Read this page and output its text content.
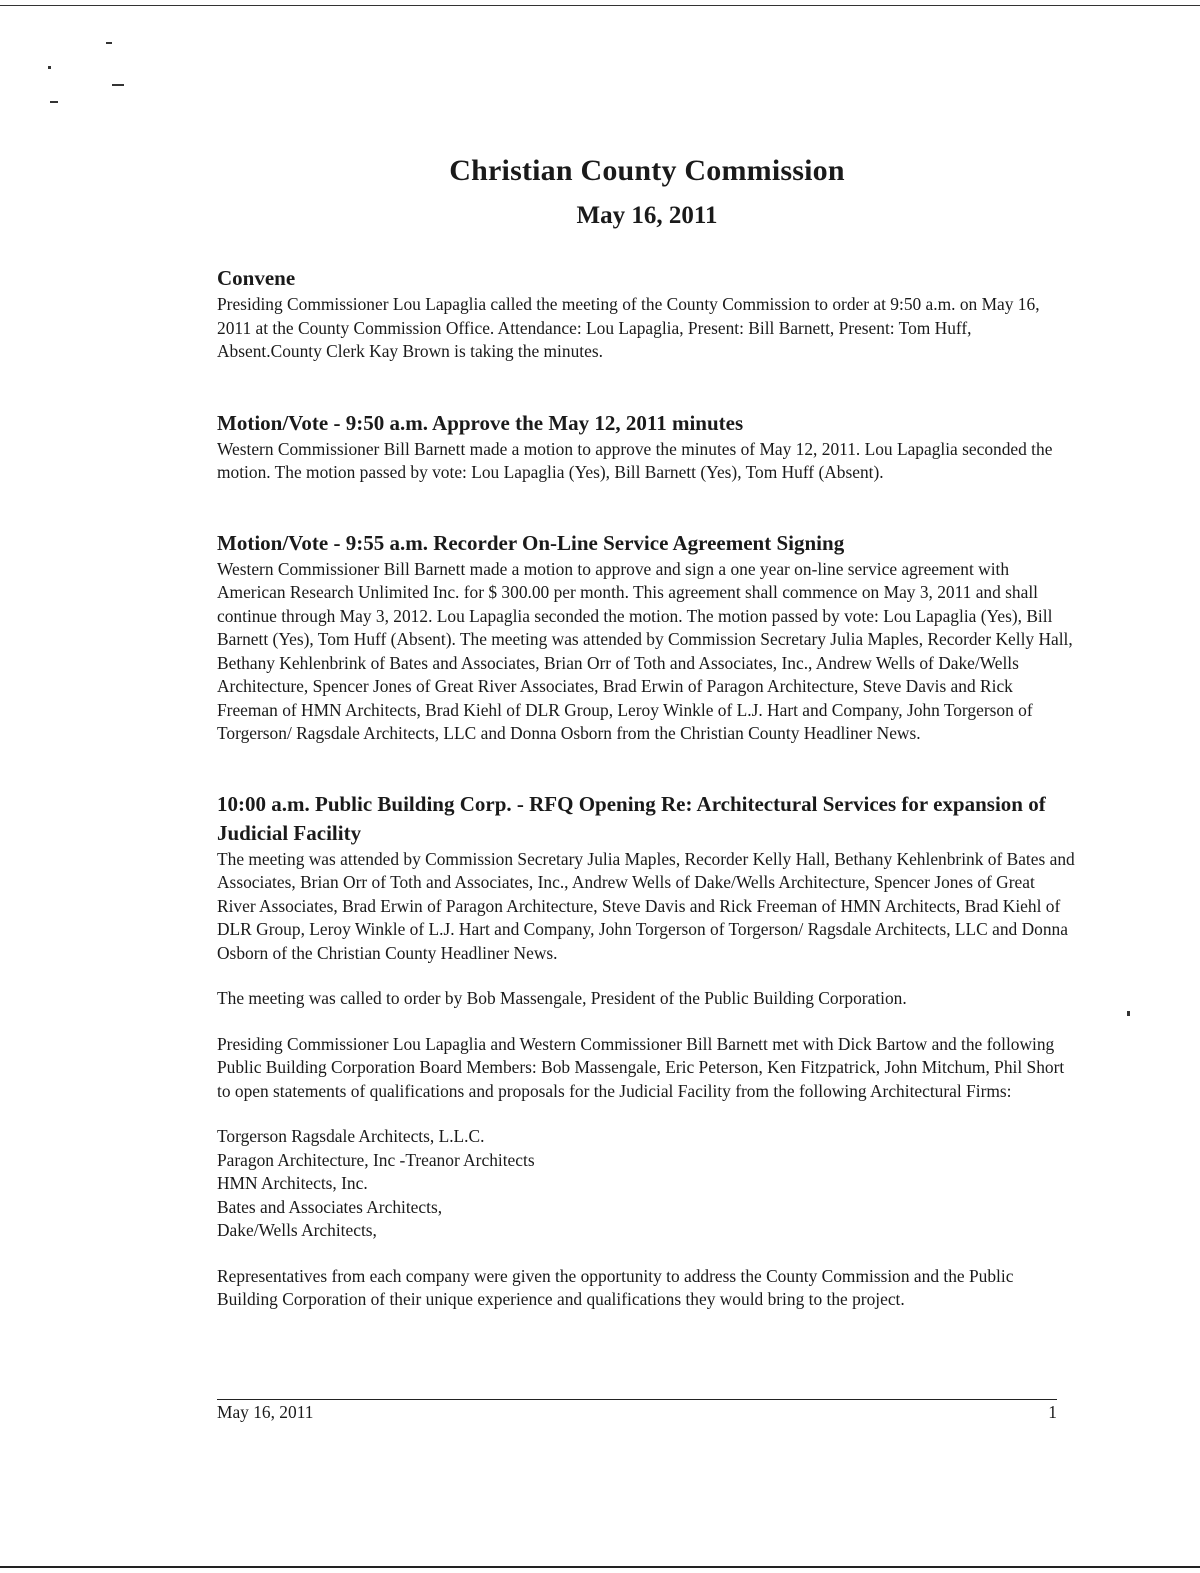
Christian County Commission
May 16, 2011
Convene

Presiding Commissioner Lou Lapaglia called the meeting of the County Commission to order at 9:50 a.m. on May 16, 2011 at the County Commission Office. Attendance: Lou Lapaglia, Present: Bill Barnett, Present: Tom Huff, Absent.County Clerk Kay Brown is taking the minutes.

Motion/Vote - 9:50 a.m. Approve the May 12, 2011 minutes

Western Commissioner Bill Barnett made a motion to approve the minutes of May 12, 2011. Lou Lapaglia seconded the motion. The motion passed by vote: Lou Lapaglia (Yes), Bill Barnett (Yes), Tom Huff (Absent).

Motion/Vote - 9:55 a.m. Recorder On-Line Service Agreement Signing

Western Commissioner Bill Barnett made a motion to approve and sign a one year on-line service agreement with American Research Unlimited Inc. for $ 300.00 per month. This agreement shall commence on May 3, 2011 and shall continue through May 3, 2012. Lou Lapaglia seconded the motion. The motion passed by vote: Lou Lapaglia (Yes), Bill Barnett (Yes), Tom Huff (Absent). The meeting was attended by Commission Secretary Julia Maples, Recorder Kelly Hall, Bethany Kehlenbrink of Bates and Associates, Brian Orr of Toth and Associates, Inc., Andrew Wells of Dake/Wells Architecture, Spencer Jones of Great River Associates, Brad Erwin of Paragon Architecture, Steve Davis and Rick Freeman of HMN Architects, Brad Kiehl of DLR Group, Leroy Winkle of L.J. Hart and Company, John Torgerson of Torgerson/ Ragsdale Architects, LLC and Donna Osborn from the Christian County Headliner News.

10:00 a.m. Public Building Corp. - RFQ Opening Re: Architectural Services for expansion of Judicial Facility

The meeting was attended by Commission Secretary Julia Maples, Recorder Kelly Hall, Bethany Kehlenbrink of Bates and Associates, Brian Orr of Toth and Associates, Inc., Andrew Wells of Dake/Wells Architecture, Spencer Jones of Great River Associates, Brad Erwin of Paragon Architecture, Steve Davis and Rick Freeman of HMN Architects, Brad Kiehl of DLR Group, Leroy Winkle of L.J. Hart and Company, John Torgerson of Torgerson/ Ragsdale Architects, LLC and Donna Osborn of the Christian County Headliner News.

The meeting was called to order by Bob Massengale, President of the Public Building Corporation.

Presiding Commissioner Lou Lapaglia and Western Commissioner Bill Barnett met with Dick Bartow and the following Public Building Corporation Board Members: Bob Massengale, Eric Peterson, Ken Fitzpatrick, John Mitchum, Phil Short to open statements of qualifications and proposals for the Judicial Facility from the following Architectural Firms:

Torgerson Ragsdale Architects, L.L.C.
Paragon Architecture, Inc -Treanor Architects
HMN Architects, Inc.
Bates and Associates Architects,
Dake/Wells Architects,

Representatives from each company were given the opportunity to address the County Commission and the Public Building Corporation of their unique experience and qualifications they would bring to the project.

May 16, 2011	1
